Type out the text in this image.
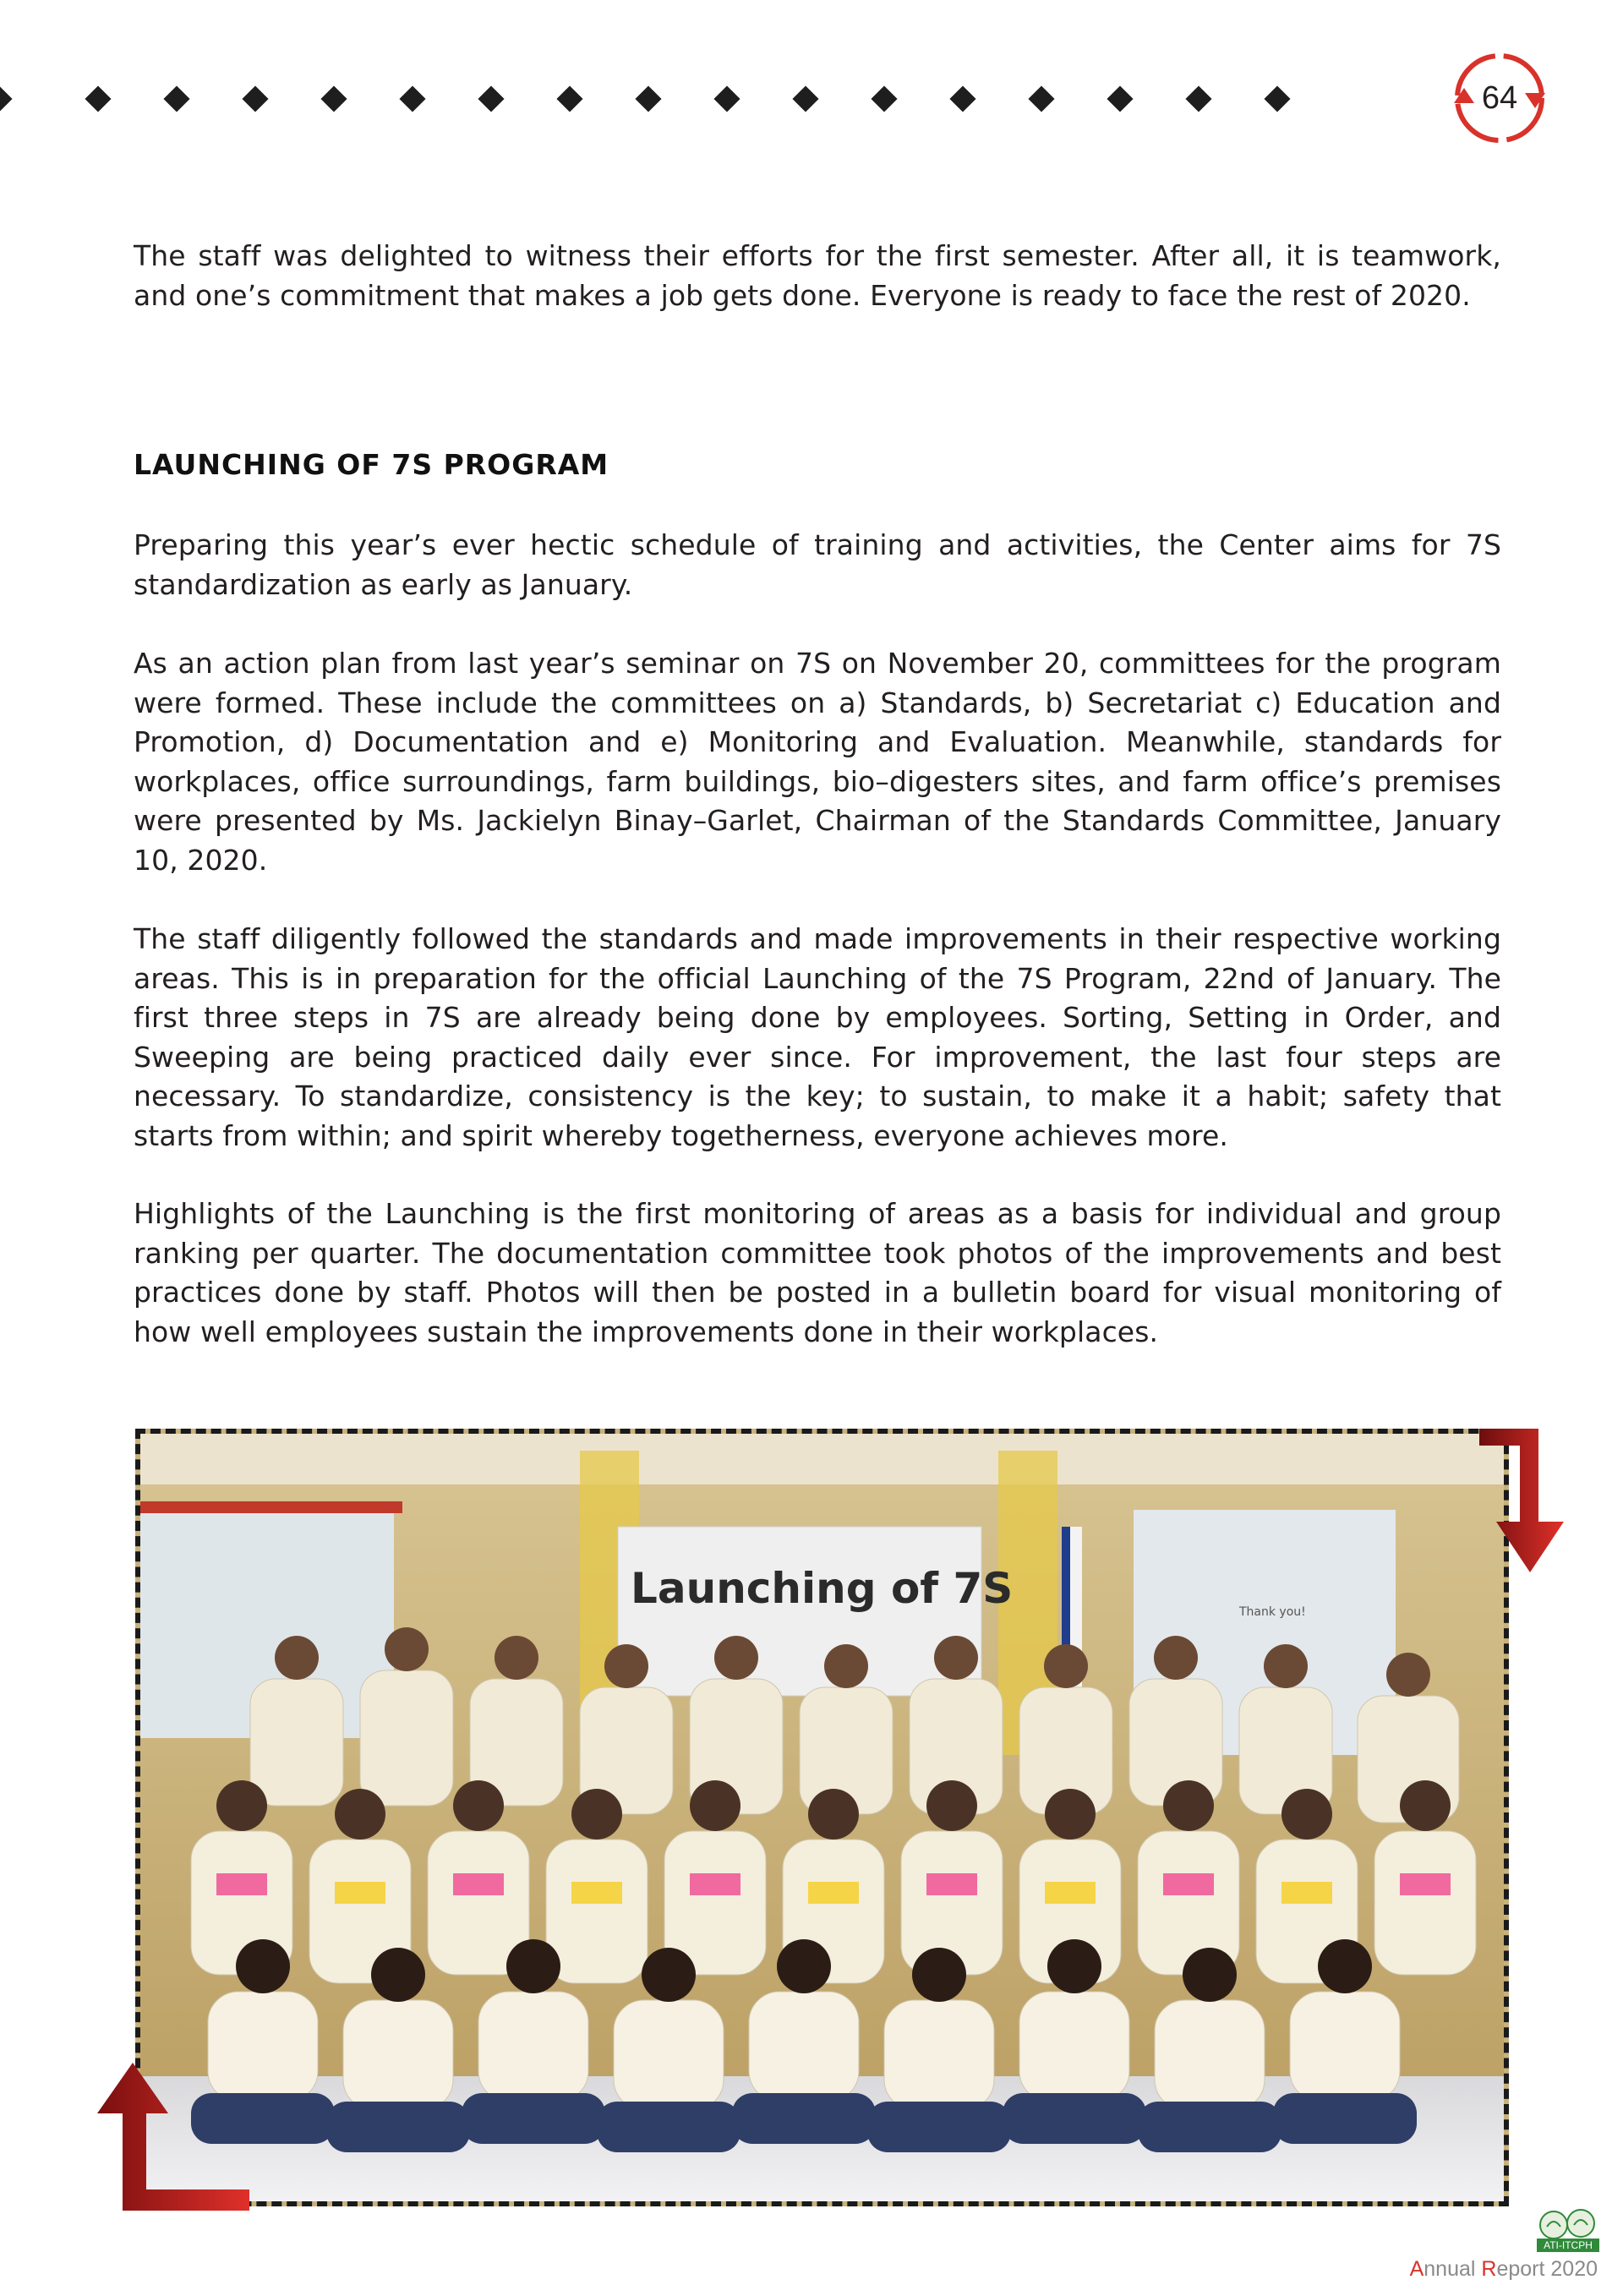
64

The staff was delighted to witness their efforts for the first semester. After all, it is teamwork, and one’s commitment that makes a job gets done. Everyone is ready to face the rest of 2020.

LAUNCHING OF 7S PROGRAM

Preparing this year’s ever hectic schedule of training and activities, the Center aims for 7S standardization as early as January.

As an action plan from last year’s seminar on 7S on November 20, committees for the program were formed. These include the committees on a) Standards, b) Secretariat c) Education and Promotion, d) Documentation and e) Monitoring and Evaluation. Meanwhile, standards for workplaces, office surroundings, farm buildings, bio–digesters sites, and farm office’s premises were presented by Ms. Jackielyn Binay–Garlet, Chairman of the Standards Committee, January 10, 2020.

The staff diligently followed the standards and made improvements in their respective working areas. This is in preparation for the official Launching of the 7S Program, 22nd of January. The first three steps in 7S are already being done by employees. Sorting, Setting in Order, and Sweeping are being practiced daily ever since. For improvement, the last four steps are necessary. To standardize, consistency is the key; to sustain, to make it a habit; safety that starts from within; and spirit whereby togetherness, everyone achieves more.

Highlights of the Launching is the first monitoring of areas as a basis for individual and group ranking per quarter. The documentation committee took photos of the improvements and best practices done by staff. Photos will then be posted in a bulletin board for visual monitoring of how well employees sustain the improvements done in their workplaces.

Thank you!
Launching of 7S
ATI-ITCPH

Annual Report 2020
